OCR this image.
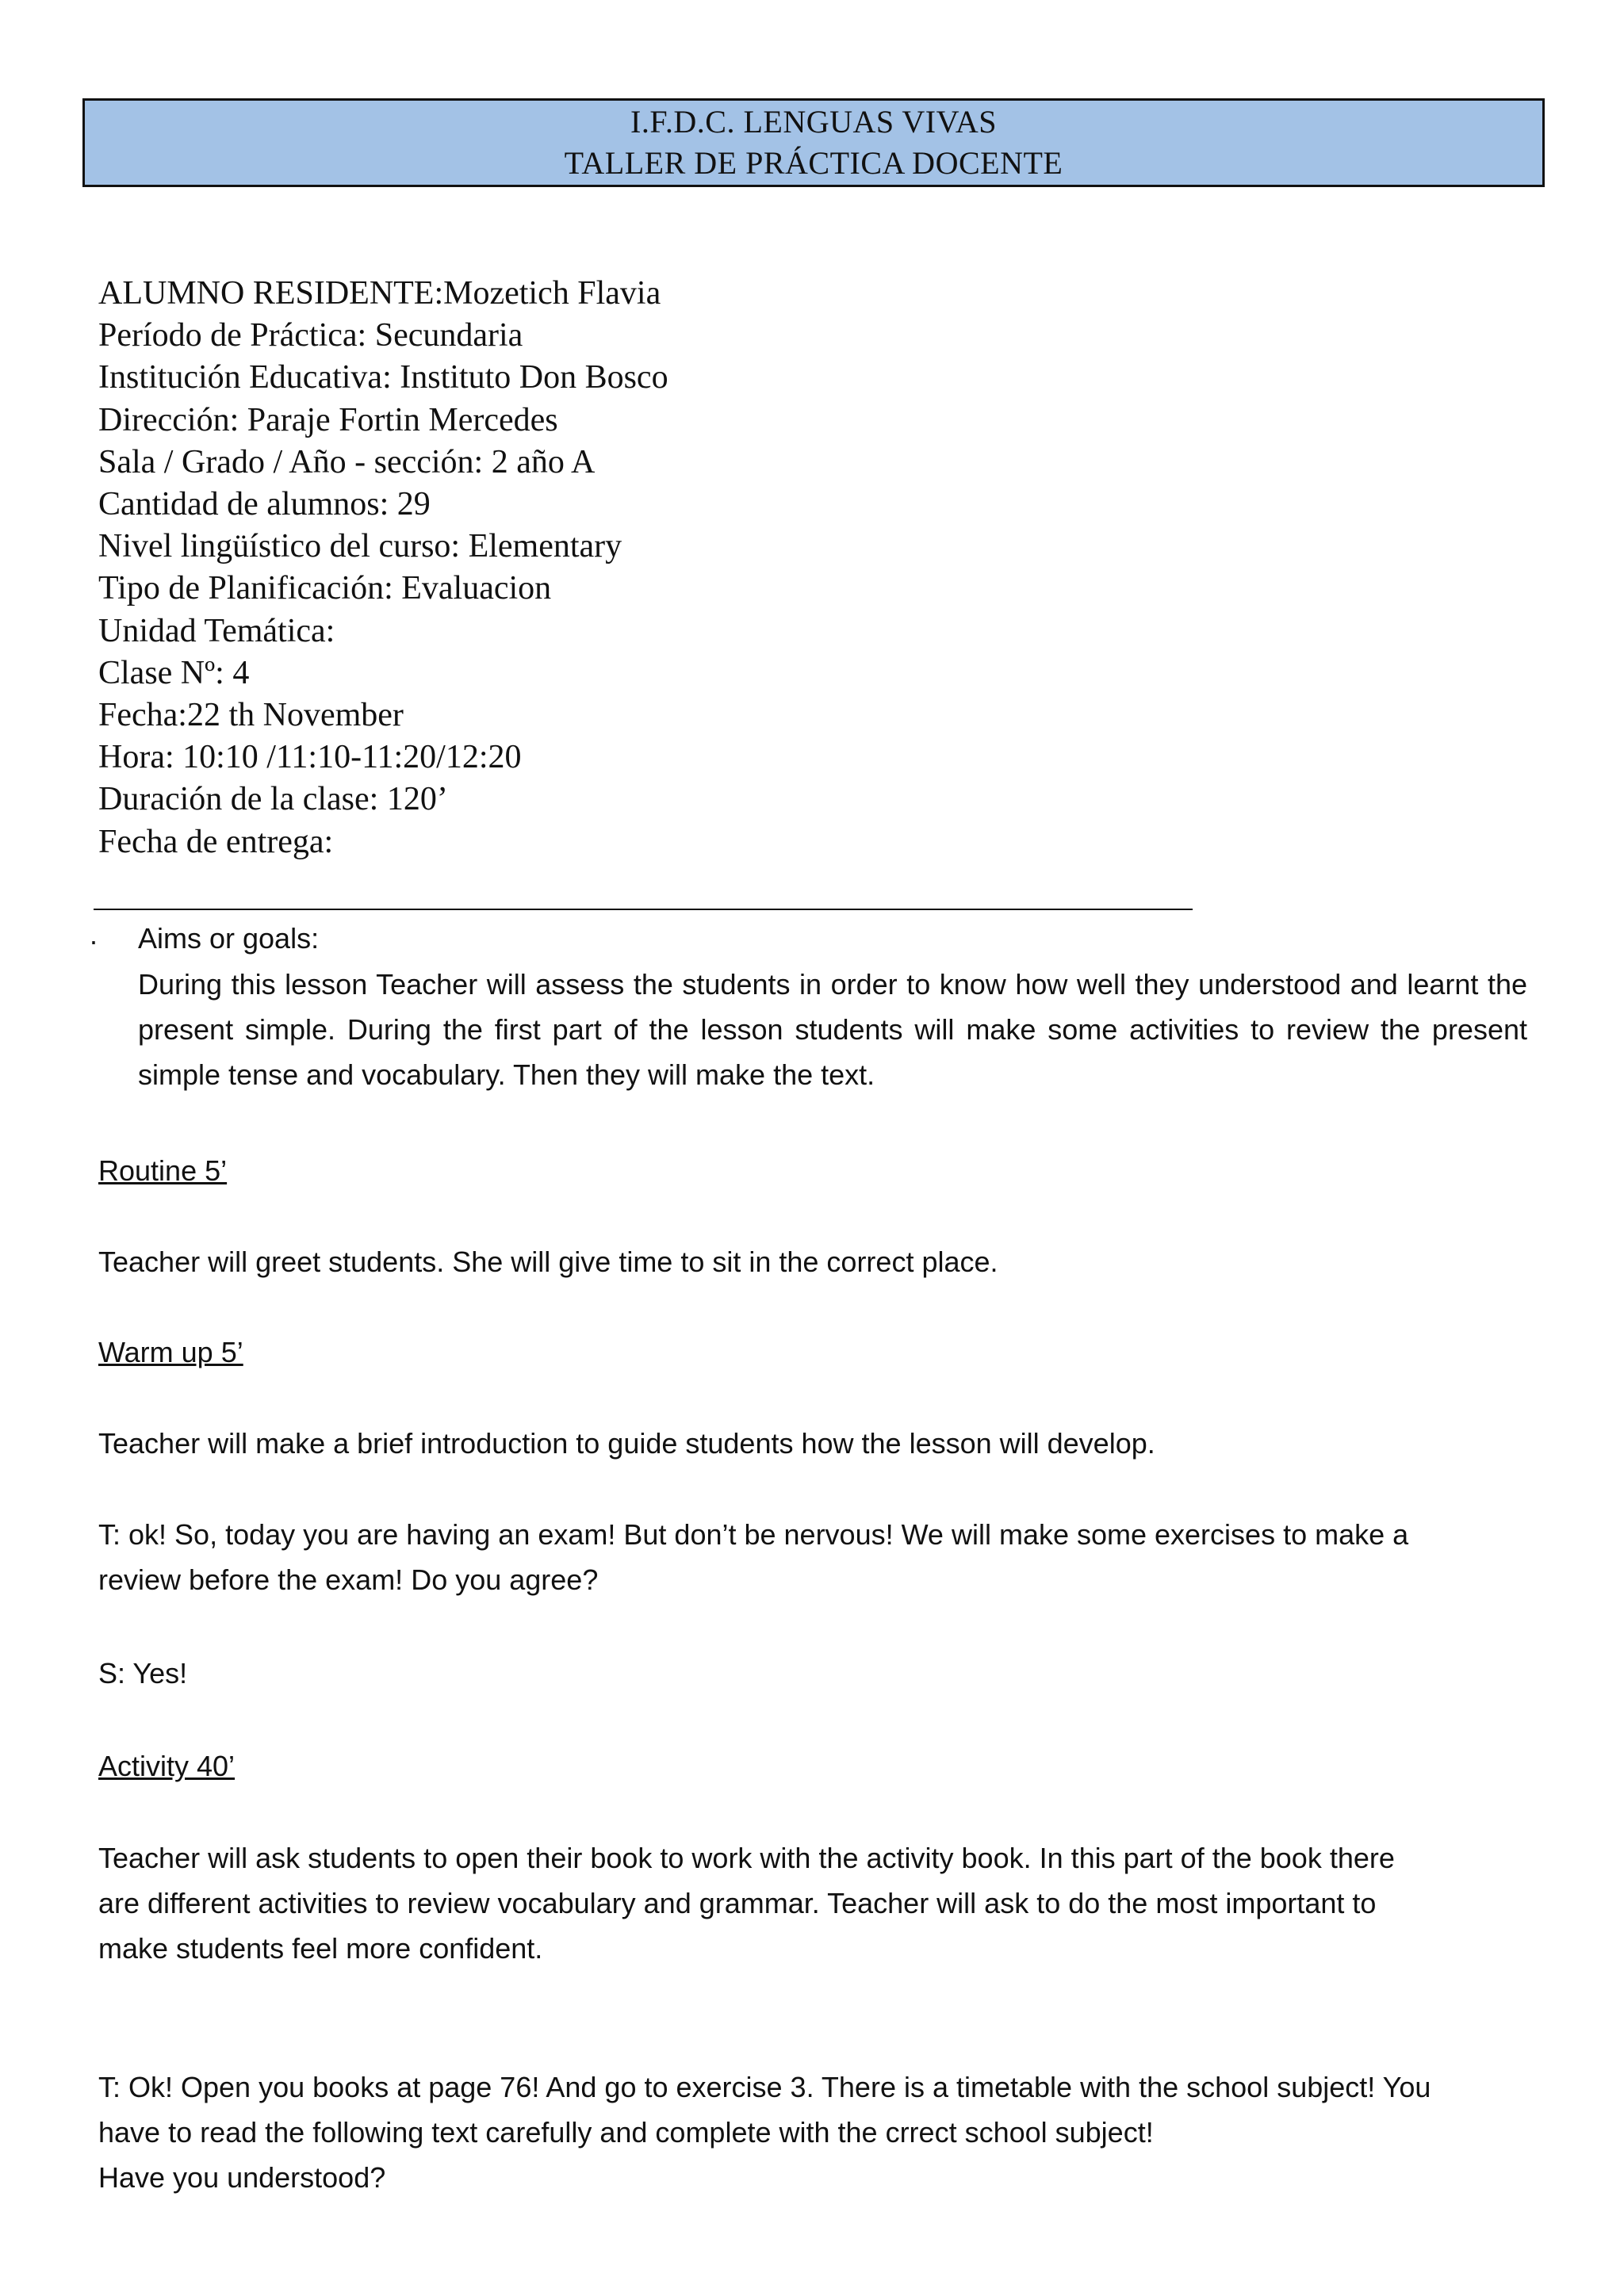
I.F.D.C. LENGUAS VIVAS
TALLER DE PRÁCTICA DOCENTE
ALUMNO RESIDENTE:Mozetich Flavia
Período de Práctica: Secundaria
Institución Educativa: Instituto Don Bosco
Dirección: Paraje Fortin Mercedes
Sala / Grado / Año - sección: 2 año A
Cantidad de alumnos: 29
Nivel lingüístico del curso: Elementary
Tipo de Planificación: Evaluacion
Unidad Temática:
Clase Nº: 4
Fecha:22 th November
Hora: 10:10 /11:10-11:20/12:20
Duración de la clase: 120’
Fecha de entrega:
· Aims or goals:
During this lesson Teacher will assess the students in order to know how well they understood and learnt the present simple. During the first part of the lesson students will make some activities to review the present simple tense and vocabulary. Then they will make the text.
Routine 5’
Teacher will greet students. She will give time to sit in the correct place.
Warm up 5’
Teacher will make a brief introduction to guide students how the lesson will develop.
T: ok! So, today you are having an exam! But don’t be nervous! We will make some exercises to make a
review before the exam! Do you agree?
S: Yes!
Activity 40’
Teacher will ask students to open their book to work with the activity book. In this part of the book there
are different activities to review vocabulary and grammar. Teacher will ask to do the most important to
make students feel more confident.
T: Ok! Open you books at page 76! And go to exercise 3. There is a timetable with the school subject! You
have to read the following text carefully and complete with the crrect school subject!
Have you understood?
